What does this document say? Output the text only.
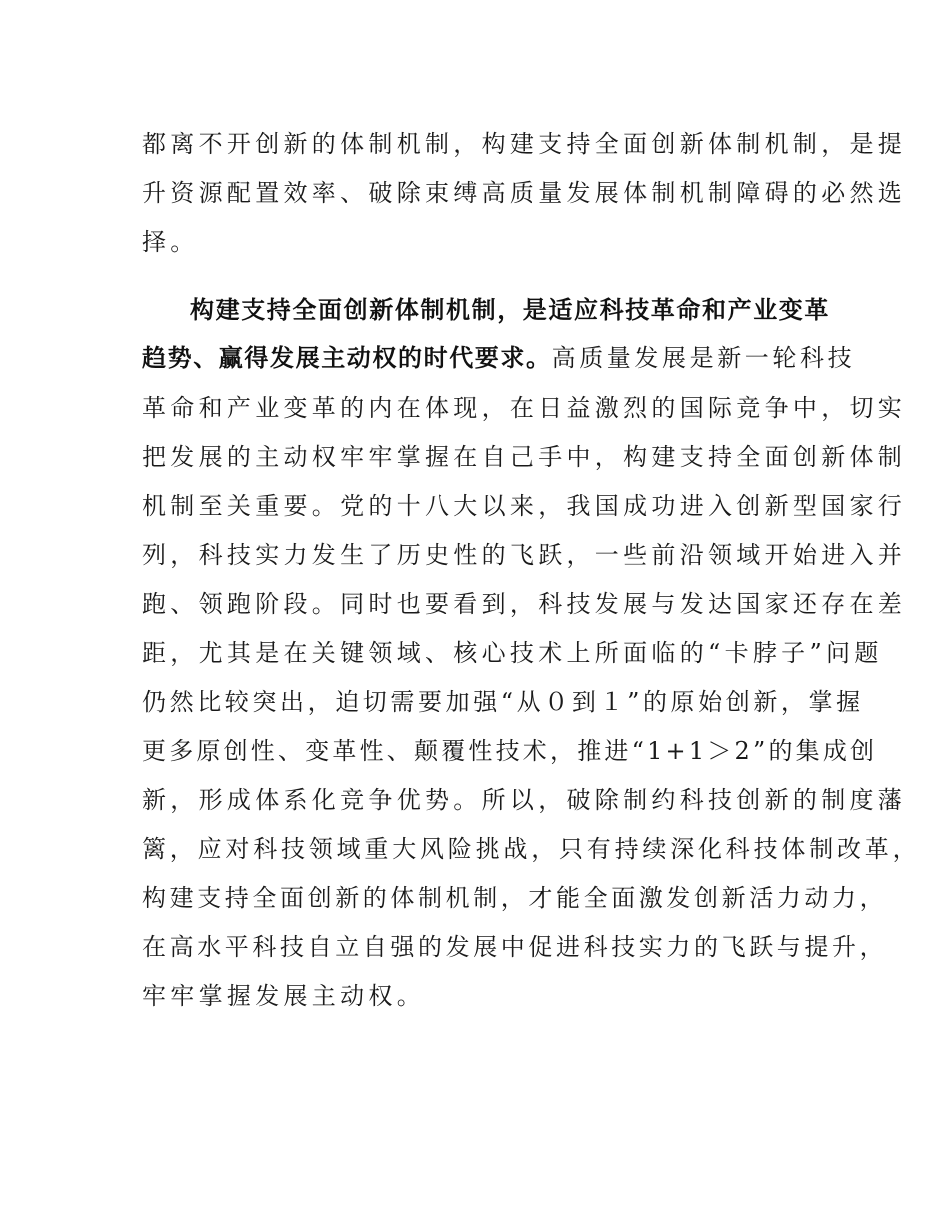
都离不开创新的体制机制，构建支持全面创新体制机制，是提
升资源配置效率、破除束缚高质量发展体制机制障碍的必然选
择。
构建支持全面创新体制机制，是适应科技革命和产业变革
趋势、赢得发展主动权的时代要求。高质量发展是新一轮科技
革命和产业变革的内在体现，在日益激烈的国际竞争中，切实
把发展的主动权牢牢掌握在自己手中，构建支持全面创新体制
机制至关重要。党的十八大以来，我国成功进入创新型国家行
列，科技实力发生了历史性的飞跃，一些前沿领域开始进入并
跑、领跑阶段。同时也要看到，科技发展与发达国家还存在差
距，尤其是在关键领域、核心技术上所面临的“卡脖子”问题
仍然比较突出，迫切需要加强“从０到１”的原始创新，掌握
更多原创性、变革性、颠覆性技术，推进“1+1＞2”的集成创
新，形成体系化竞争优势。所以，破除制约科技创新的制度藩
篱，应对科技领域重大风险挑战，只有持续深化科技体制改革，
构建支持全面创新的体制机制，才能全面激发创新活力动力，
在高水平科技自立自强的发展中促进科技实力的飞跃与提升，
牢牢掌握发展主动权。
